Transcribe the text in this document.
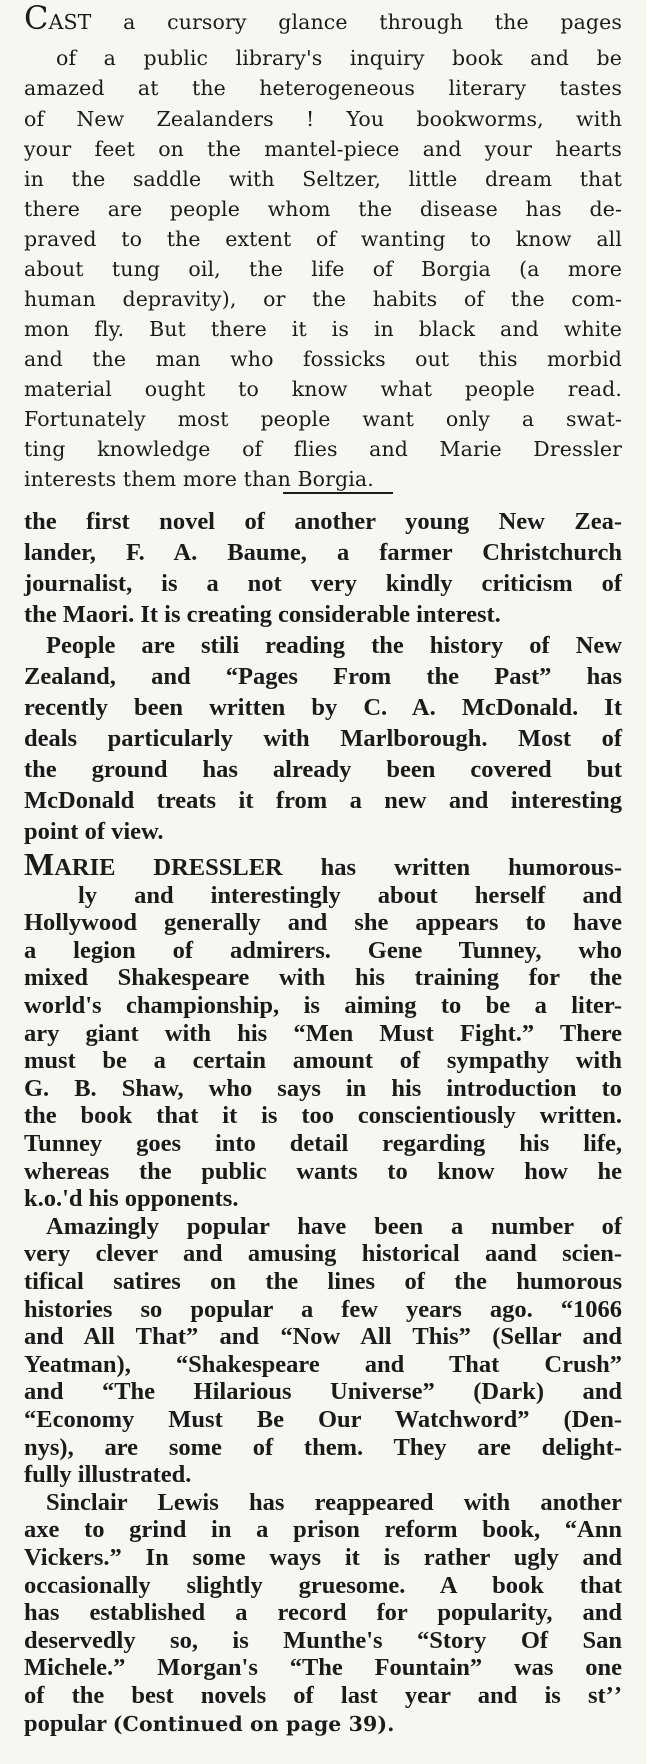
CAST a cursory glance through the pages
of a public library's inquiry book and be
amazed at the heterogeneous literary tastes
of New Zealanders ! You bookworms, with
your feet on the mantel-piece and your hearts
in the saddle with Seltzer, little dream that
there are people whom the disease has de-
praved to the extent of wanting to know all
about tung oil, the life of Borgia (a more
human depravity), or the habits of the com-
mon fly. But there it is in black and white
and the man who fossicks out this morbid
material ought to know what people read.
Fortunately most people want only a swat-
ting knowledge of flies and Marie Dressler
interests them more than Borgia.
the first novel of another young New Zea-
lander, F. A. Baume, a farmer Christchurch
journalist, is a not very kindly criticism of
the Maori. It is creating considerable interest.
People are stili reading the history of New
Zealand, and “Pages From the Past” has
recently been written by C. A. McDonald. It
deals particularly with Marlborough. Most of
the ground has already been covered but
McDonald treats it from a new and interesting
point of view.
MARIE DRESSLER has written humorous-
ly and interestingly about herself and
Hollywood generally and she appears to have
a legion of admirers. Gene Tunney, who
mixed Shakespeare with his training for the
world's championship, is aiming to be a liter-
ary giant with his “Men Must Fight.” There
must be a certain amount of sympathy with
G. B. Shaw, who says in his introduction to
the book that it is too conscientiously written.
Tunney goes into detail regarding his life,
whereas the public wants to know how he
k.o.'d his opponents.
Amazingly popular have been a number of
very clever and amusing historical aand scien-
tifical satires on the lines of the humorous
histories so popular a few years ago. “1066
and All That” and “Now All This” (Sellar and
Yeatman), “Shakespeare and That Crush”
and “The Hilarious Universe” (Dark) and
“Economy Must Be Our Watchword” (Den-
nys), are some of them. They are delight-
fully illustrated.
Sinclair Lewis has reappeared with another
axe to grind in a prison reform book, “Ann
Vickers.” In some ways it is rather ugly and
occasionally slightly gruesome. A book that
has established a record for popularity, and
deservedly so, is Munthe's “Story Of San
Michele.” Morgan's “The Fountain” was one
of the best novels of last year and is stʼʼ
popular (Continued on page 39).
